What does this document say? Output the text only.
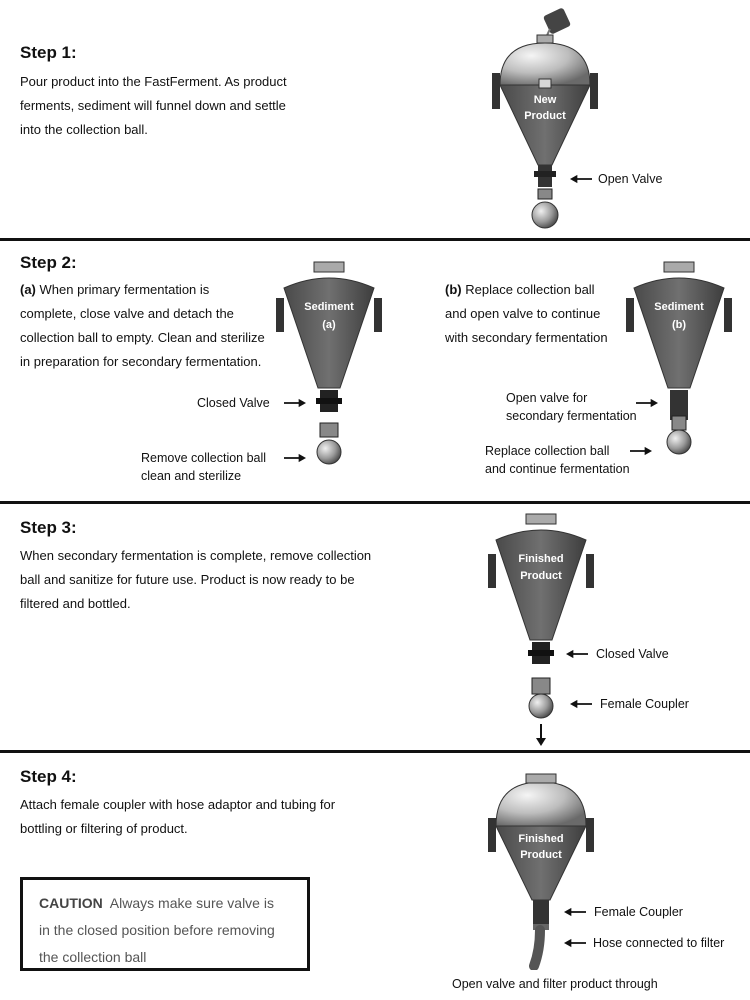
Step 1:
Pour product into the FastFerment. As product
ferments, sediment will funnel down and settle
into the collection ball.
New
Product
Open Valve
Step 2:
(a) When primary fermentation is
complete, close valve and detach the
collection ball to empty. Clean and sterilize
in preparation for secondary fermentation.
Sediment
(a)
Closed Valve
Remove collection ball
clean and sterilize
(b) Replace collection ball
and open valve to continue
with secondary fermentation
Sediment
(b)
Open valve for
secondary fermentation
Replace collection ball
and continue fermentation
Step 3:
When secondary fermentation is complete, remove collection
ball and sanitize for future use. Product is now ready to be
filtered and bottled.
Finished
Product
Closed Valve
Female Coupler
Step 4:
Attach female coupler with hose adaptor and tubing for
bottling or filtering of product.
CAUTION Always make sure valve is
in the closed position before removing
the collection ball
Finished
Product
Female Coupler
Hose connected to filter
Open valve and filter product through
